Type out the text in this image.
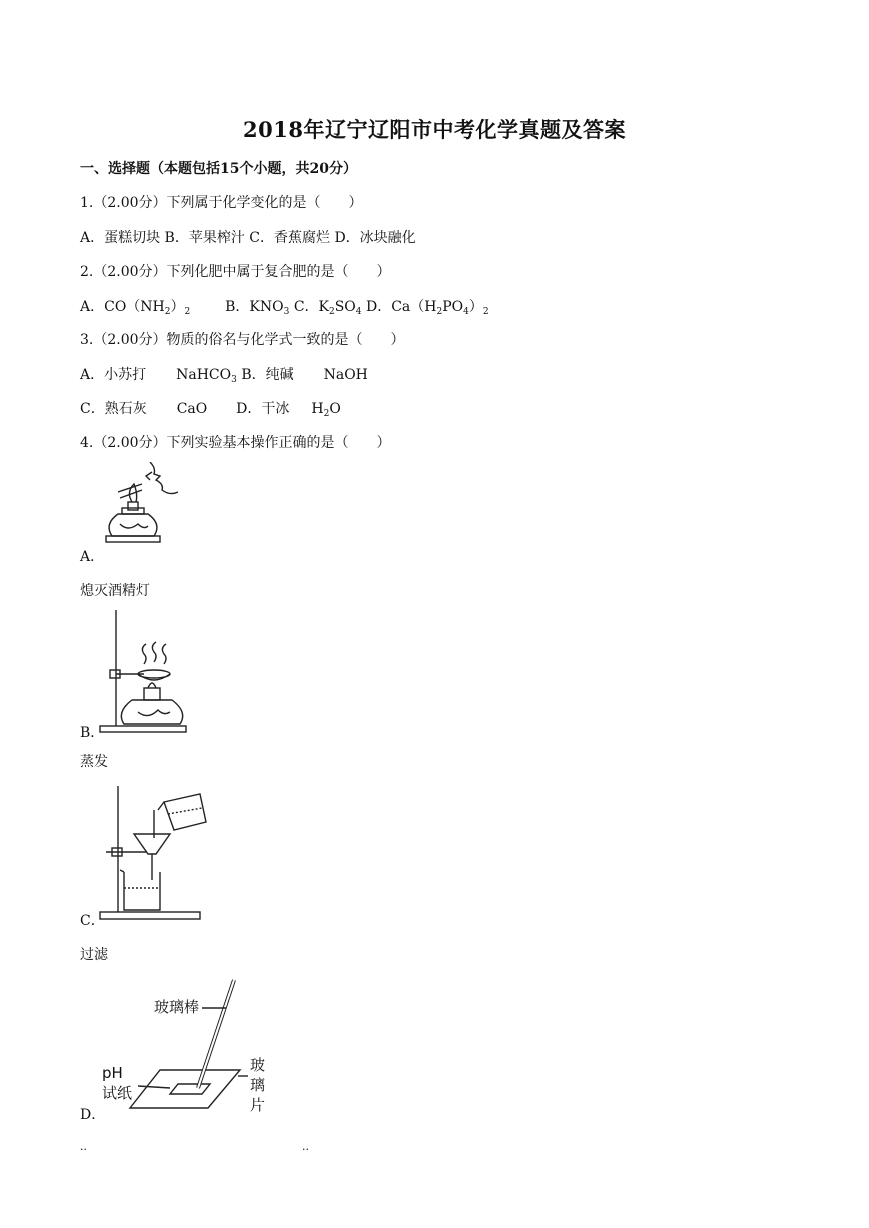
2018年辽宁辽阳市中考化学真题及答案
一、选择题（本题包括15个小题，共20分）
1.（2.00分）下列属于化学变化的是（　　）
A．蛋糕切块 B．苹果榨汁 C．香蕉腐烂 D．冰块融化
2.（2.00分）下列化肥中属于复合肥的是（　　）
A．$CO(NH_2)_2$ B．$KNO_3$ C．$K_2SO_4$ D．$Ca(H_2PO_4)_2$
3.（2.00分）物质的俗名与化学式一致的是（　　）
A．小苏打 NaHCO$_3$ B．纯碱 NaOH
C．熟石灰 CaO D．干冰 $H_2O$
4.（2.00分）下列实验基本操作正确的是（　　）
A．
熄灭酒精灯
B．
蒸发
C．
过滤
玻璃棒
pH
试纸
玻
璃
片
D．
..	..
